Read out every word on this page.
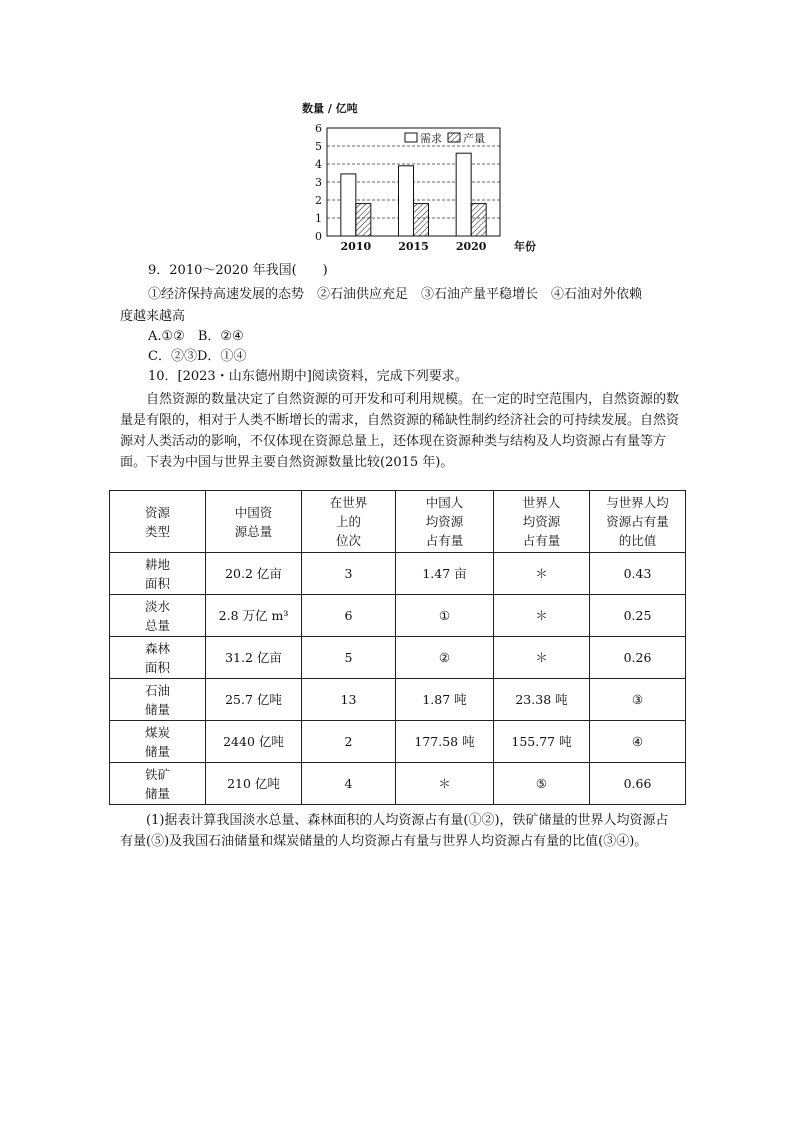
数量 / 亿吨
0
1
2
3
4
5
6
2010 2015 2020	年份
需求 产量
9．2010～2020 年我国(　　)
①经济保持高速发展的态势　②石油供应充足　③石油产量平稳增长　④石油对外依赖
度越来越高
A.①②　B．②④
C．②③D．①④
10．[2023・山东德州期中]阅读资料，完成下列要求。

自然资源的数量决定了自然资源的可开发和可利用规模。在一定的时空范围内，自然资源的数量是有限的，相对于人类不断增长的需求，自然资源的稀缺性制约经济社会的可持续发展。自然资源对人类活动的影响，不仅体现在资源总量上，还体现在资源种类与结构及人均资源占有量等方面。下表为中国与世界主要自然资源数量比较(2015 年)。

资源
类型	中国资
源总量	在世界
上的
位次	中国人
均资源
占有量	世界人
均资源
占有量	与世界人均
资源占有量
的比值
耕地
面积	20.2 亿亩	3	1.47 亩	＊	0.43
淡水
总量	2.8 万亿 m³	6	①	＊	0.25
森林
面积	31.2 亿亩	5	②	＊	0.26
石油
储量	25.7 亿吨	13	1.87 吨	23.38 吨	③
煤炭
储量	2440 亿吨	2	177.58 吨	155.77 吨	④
铁矿
储量	210 亿吨	4	＊	⑤	0.66

(1)据表计算我国淡水总量、森林面积的人均资源占有量(①②)，铁矿储量的世界人均资源占有量(⑤)及我国石油储量和煤炭储量的人均资源占有量与世界人均资源占有量的比值(③④)。
